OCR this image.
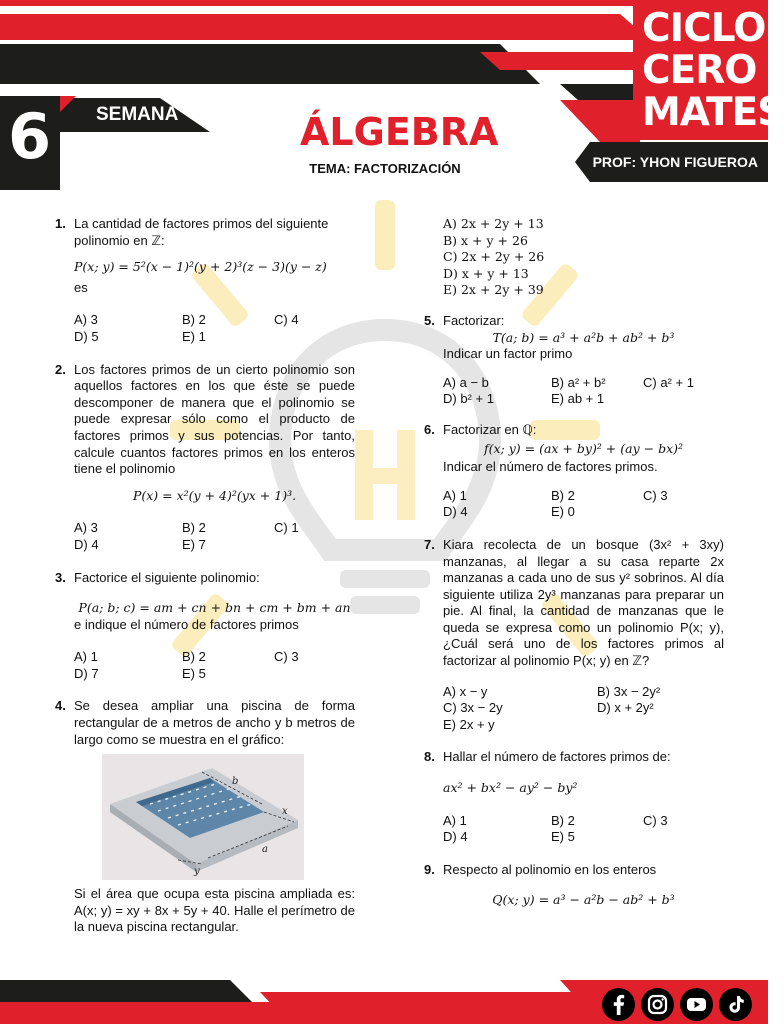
CICLO
CERO
MATES
6 SEMANA	ÁLGEBRA
TEMA: FACTORIZACIÓN	PROF: YHON FIGUEROA
1. La cantidad de factores primos del siguiente polinomio en ℤ:
P(x; y) = 5²(x − 1)²(y + 2)³(z − 3)(y − z)
es
A) 3	B) 2	C) 4
D) 5	E) 1
2. Los factores primos de un cierto polinomio son aquellos factores en los que éste se puede descomponer de manera que el polinomio se puede expresar sólo como el producto de factores primos y sus potencias. Por tanto, calcule cuantos factores primos en los enteros tiene el polinomio
P(x) = x²(y + 4)²(yx + 1)³.
A) 3	B) 2	C) 1
D) 4	E) 7
3. Factorice el siguiente polinomio:
P(a; b; c) = am + cn + bn + cm + bm + an
e indique el número de factores primos
A) 1	B) 2	C) 3
D) 7	E) 5
4. Se desea ampliar una piscina de forma rectangular de a metros de ancho y b metros de largo como se muestra en el gráfico:
b
x
a
y
Si el área que ocupa esta piscina ampliada es: A(x; y) = xy + 8x + 5y + 40. Halle el perímetro de la nueva piscina rectangular.
A) 2x + 2y + 13
B) x + y + 26
C) 2x + 2y + 26
D) x + y + 13
E) 2x + 2y + 39
5. Factorizar:
T(a; b) = a³ + a²b + ab² + b³
Indicar un factor primo
A) a − b	B) a² + b²	C) a² + 1
D) b² + 1	E) ab + 1
6. Factorizar en ℚ:
f(x; y) = (ax + by)² + (ay − bx)²
Indicar el número de factores primos.
A) 1	B) 2	C) 3
D) 4	E) 0
7. Kiara recolecta de un bosque (3x² + 3xy) manzanas, al llegar a su casa reparte 2x manzanas a cada uno de sus y² sobrinos. Al día siguiente utiliza 2y³ manzanas para preparar un pie. Al final, la cantidad de manzanas que le queda se expresa como un polinomio P(x; y), ¿Cuál será uno de los factores primos al factorizar al polinomio P(x; y) en ℤ?
A) x − y	B) 3x − 2y²
C) 3x − 2y	D) x + 2y²
E) 2x + y
8. Hallar el número de factores primos de:
ax² + bx² − ay² − by²
A) 1	B) 2	C) 3
D) 4	E) 5
9. Respecto al polinomio en los enteros
Q(x; y) = a³ − a²b − ab² + b³
